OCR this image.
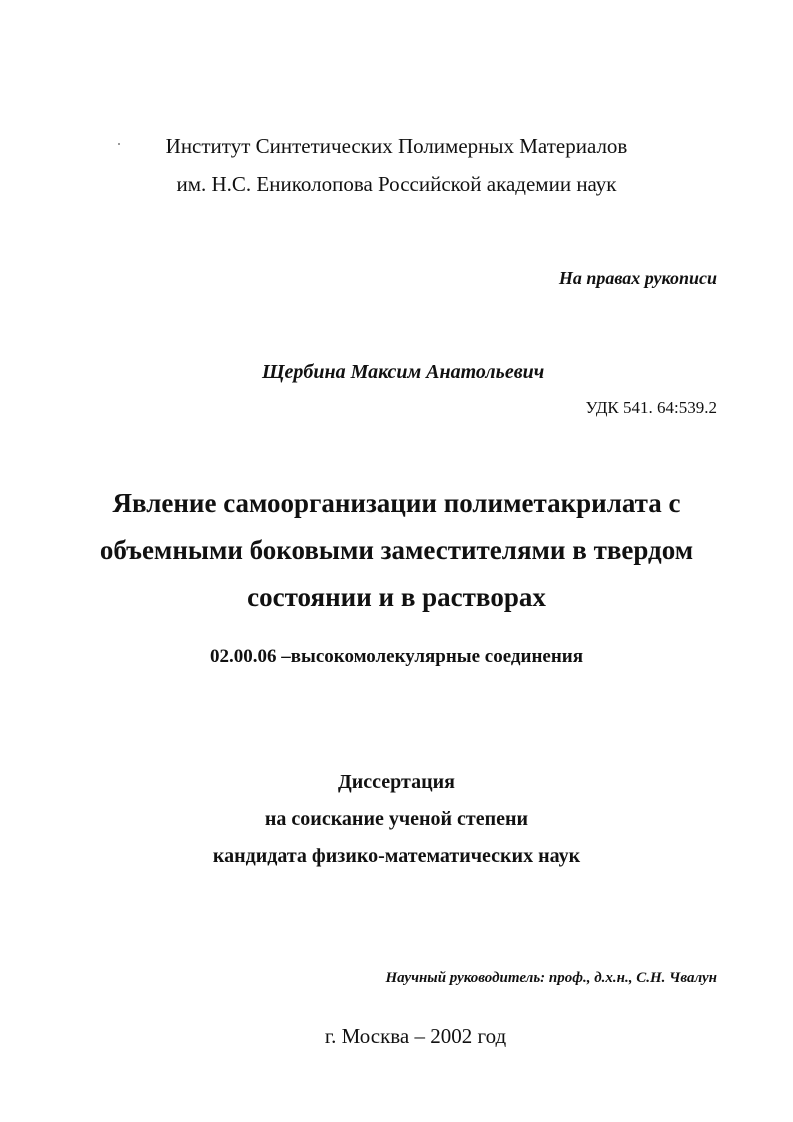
Институт Синтетических Полимерных Материалов
им. Н.С. Ениколопова Российской академии наук
На правах рукописи
Щербина Максим Анатольевич
УДК 541. 64:539.2
Явление самоорганизации полиметакрилата с
объемными боковыми заместителями в твердом
состоянии и в растворах
02.00.06 –высокомолекулярные соединения
Диссертация
на соискание ученой степени
кандидата физико-математических наук
Научный руководитель: проф., д.х.н., С.Н. Чвалун
г. Москва – 2002 год
